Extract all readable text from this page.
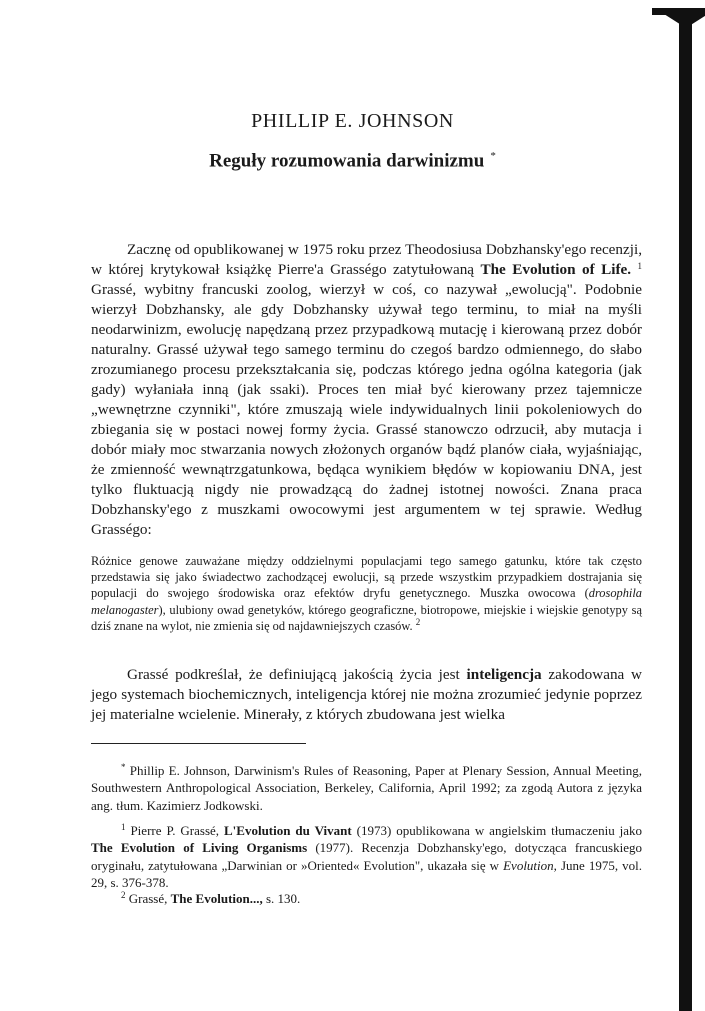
PHILLIP E. JOHNSON
Reguły rozumowania darwinizmu *

Zacznę od opublikowanej w 1975 roku przez Theodosiusa Dobzhansky'ego recenzji, w której krytykował książkę Pierre'a Grasségo zatytułowaną The Evolution of Life. $^1$ Grassé, wybitny francuski zoolog, wierzył w coś, co nazywał „ewolucją". Podobnie wierzył Dobzhansky, ale gdy Dobzhansky używał tego terminu, to miał na myśli neodarwinizm, ewolucję napędzaną przez przypadkową mutację i kierowaną przez dobór naturalny. Grassé używał tego samego terminu do czegoś bardzo odmiennego, do słabo zrozumianego procesu przekształcania się, podczas którego jedna ogólna kategoria (jak gady) wyłaniała inną (jak ssaki). Proces ten miał być kierowany przez tajemnicze „wewnętrzne czynniki", które zmuszają wiele indywidualnych linii pokoleniowych do zbiegania się w postaci nowej formy życia. Grassé stanowczo odrzucił, aby mutacja i dobór miały moc stwarzania nowych złożonych organów bądź planów ciała, wyjaśniając, że zmienność wewnątrzgatunkowa, będąca wynikiem błędów w kopiowaniu DNA, jest tylko fluktuacją nigdy nie prowadzącą do żadnej istotnej nowości. Znana praca Dobzhansky'ego z muszkami owocowymi jest argumentem w tej sprawie. Według Grasségo:

Różnice genowe zauważane między oddzielnymi populacjami tego samego gatunku, które tak często przedstawia się jako świadectwo zachodzącej ewolucji, są przede wszystkim przypadkiem dostrajania się populacji do swojego środowiska oraz efektów dryfu genetycznego. Muszka owocowa (drosophila melanogaster), ulubiony owad genetyków, którego geograficzne, biotropowe, miejskie i wiejskie genotypy są dziś znane na wylot, nie zmienia się od najdawniejszych czasów. $^2$

Grassé podkreślał, że definiującą jakością życia jest inteligencja zakodowana w jego systemach biochemicznych, inteligencja której nie można zrozumieć jedynie poprzez jej materialne wcielenie. Minerały, z których zbudowana jest wielka

* Phillip E. Johnson, Darwinism's Rules of Reasoning, Paper at Plenary Session, Annual Meeting, Southwestern Anthropological Association, Berkeley, California, April 1992; za zgodą Autora z języka ang. tłum. Kazimierz Jodkowski.

$^1$ Pierre P. Grassé, L'Evolution du Vivant (1973) opublikowana w angielskim tłumaczeniu jako The Evolution of Living Organisms (1977). Recenzja Dobzhansky'ego, dotycząca francuskiego oryginału, zatytułowana „Darwinian or »Oriented« Evolution", ukazała się w Evolution, June 1975, vol. 29, s. 376-378.

$^2$ Grassé, The Evolution..., s. 130.
